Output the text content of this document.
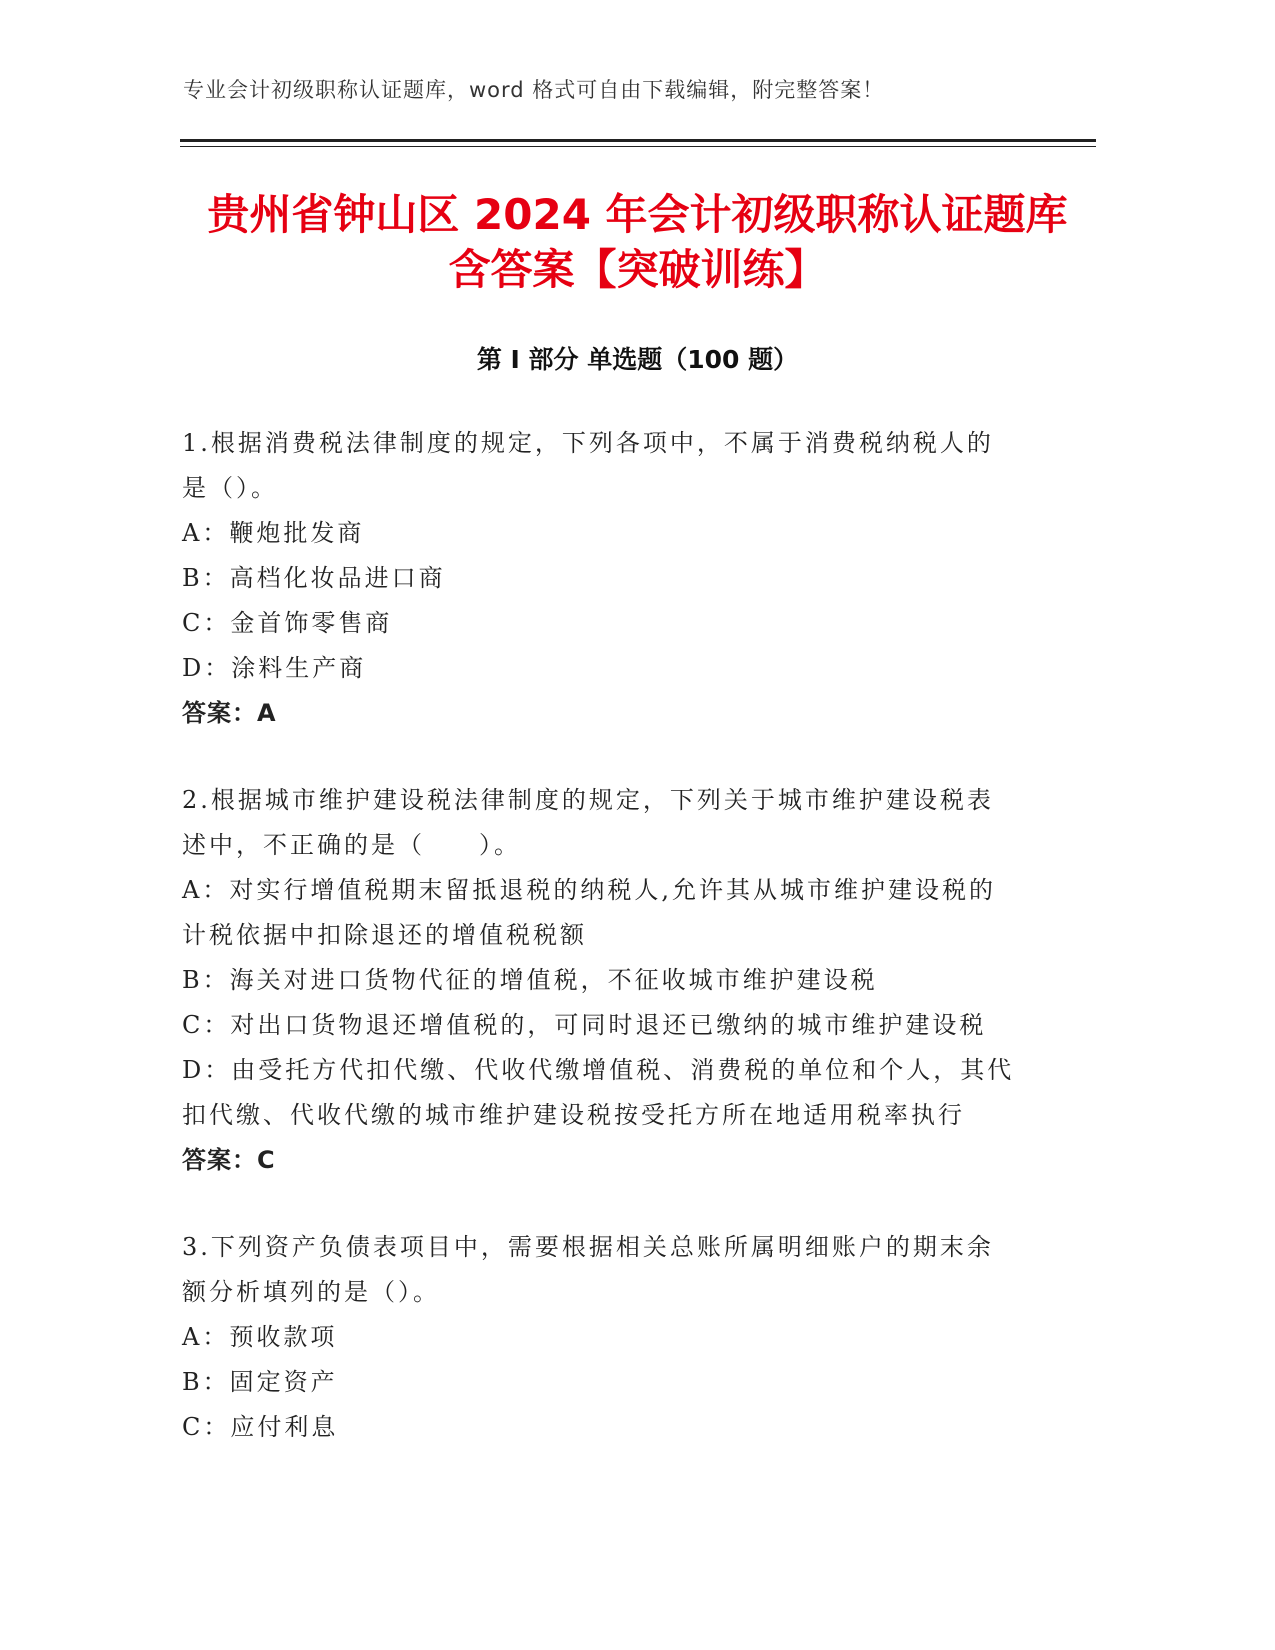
专业会计初级职称认证题库，word 格式可自由下载编辑，附完整答案！
贵州省钟山区 2024 年会计初级职称认证题库
含答案【突破训练】
第 I 部分 单选题（100 题）
1.根据消费税法律制度的规定，下列各项中，不属于消费税纳税人的
是（）。
A：鞭炮批发商
B：高档化妆品进口商
C：金首饰零售商
D：涂料生产商
答案：A
2.根据城市维护建设税法律制度的规定，下列关于城市维护建设税表
述中，不正确的是（　　）。
A：对实行增值税期末留抵退税的纳税人,允许其从城市维护建设税的
计税依据中扣除退还的增值税税额
B：海关对进口货物代征的增值税，不征收城市维护建设税
C：对出口货物退还增值税的，可同时退还已缴纳的城市维护建设税
D：由受托方代扣代缴、代收代缴增值税、消费税的单位和个人，其代
扣代缴、代收代缴的城市维护建设税按受托方所在地适用税率执行
答案：C
3.下列资产负债表项目中，需要根据相关总账所属明细账户的期末余
额分析填列的是（）。
A：预收款项
B：固定资产
C：应付利息
